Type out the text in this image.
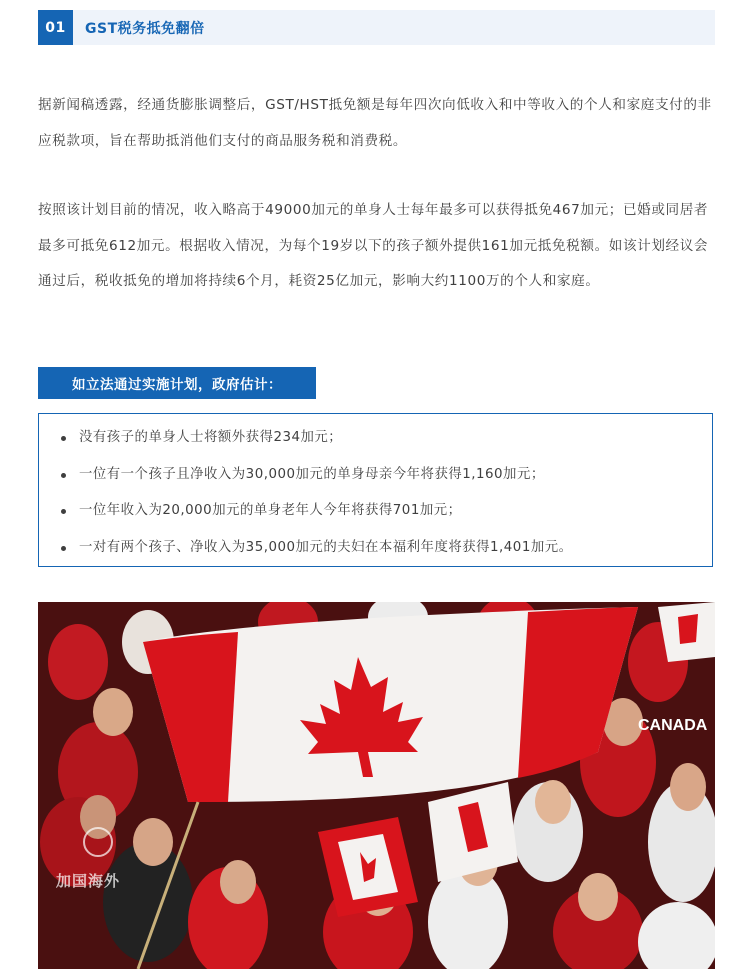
01	GST税务抵免翻倍

据新闻稿透露，经通货膨胀调整后，GST/HST抵免额是每年四次向低收入和中等收入的个人和家庭支付的非应税款项，旨在帮助抵消他们支付的商品服务税和消费税。

按照该计划目前的情况，收入略高于49000加元的单身人士每年最多可以获得抵免467加元；已婚或同居者最多可抵免612加元。根据收入情况，为每个19岁以下的孩子额外提供161加元抵免税额。如该计划经议会通过后，税收抵免的增加将持续6个月，耗资25亿加元，影响大约1100万的个人和家庭。

如立法通过实施计划，政府估计：
没有孩子的单身人士将额外获得234加元；
一位有一个孩子且净收入为30,000加元的单身母亲今年将获得1,160加元；
一位年收入为20,000加元的单身老年人今年将获得701加元；
一对有两个孩子、净收入为35,000加元的夫妇在本福利年度将获得1,401加元。
CANADA
加国海外
